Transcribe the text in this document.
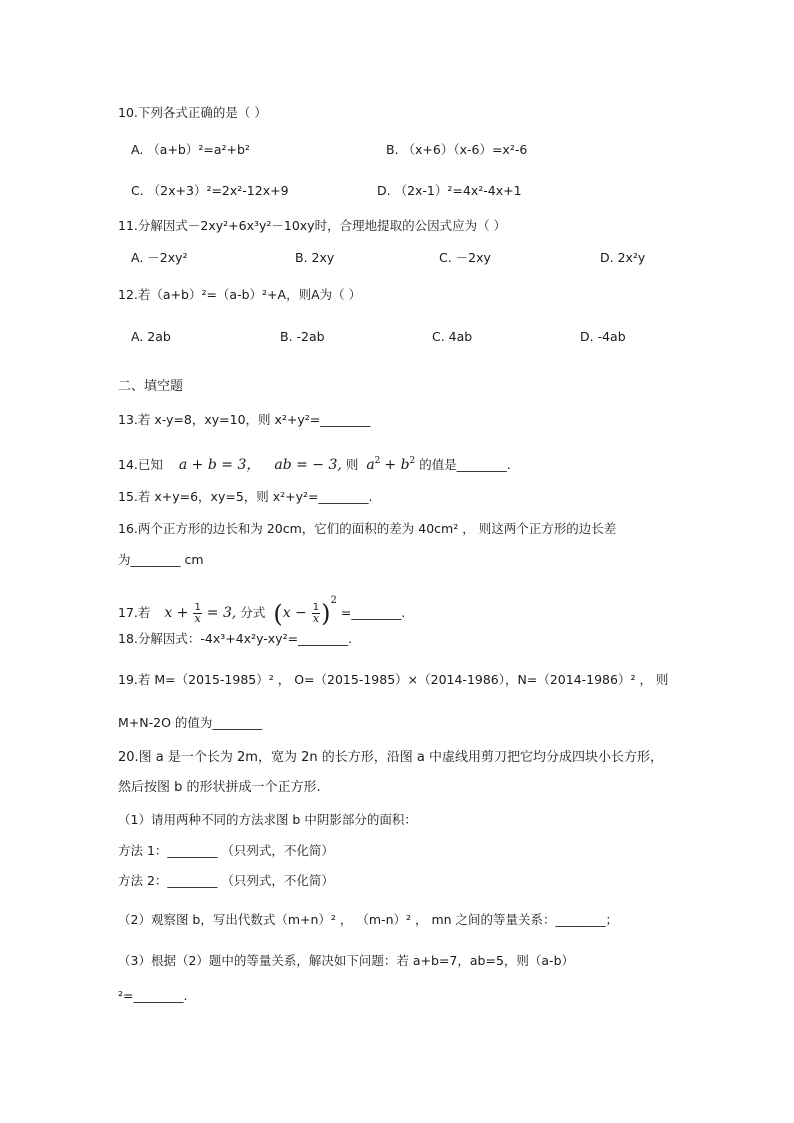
10.下列各式正确的是（ ）
A. （a+b）²=a²+b²	B. （x+6）（x-6）=x²-6
C. （2x+3）²=2x²-12x+9	D. （2x-1）²=4x²-4x+1
11.分解因式－2xy²+6x³y²－10xy时，合理地提取的公因式应为（ ）
A. －2xy²	B. 2xy	C. －2xy	D. 2x²y
12.若（a+b）²=（a-b）²+A，则A为（ ）
A. 2ab	B. -2ab	C. 4ab	D. -4ab
二、填空题
13.若 x-y=8，xy=10，则 x²+y²=________
14.已知 a + b = 3， ab = − 3, 则 $a^2 + b^2$ 的值是________.
15.若 x+y=6，xy=5，则 x²+y²=________.
16.两个正方形的边长和为 20cm，它们的面积的差为 40cm² ， 则这两个正方形的边长差
为________ cm
17.若 $x + \frac{1}{x} = 3$, 分式 $(x - \frac{1}{x} )^2$ =________.
18.分解因式：-4x³+4x²y-xy²=________.
19.若 M=（2015-1985）² ， O=（2015-1985）×（2014-1986），N=（2014-1986）² ， 则
M+N-2O 的值为________
20.图 a 是一个长为 2m，宽为 2n 的长方形，沿图 a 中虚线用剪刀把它均分成四块小长方形，
然后按图 b 的形状拼成一个正方形.
（1）请用两种不同的方法求图 b 中阴影部分的面积：
方法 1：________ （只列式，不化简）
方法 2：________ （只列式，不化简）
（2）观察图 b，写出代数式（m+n）² ， （m-n）² ， mn 之间的等量关系：________；
（3）根据（2）题中的等量关系，解决如下问题：若 a+b=7，ab=5，则（a-b）
²=________.
